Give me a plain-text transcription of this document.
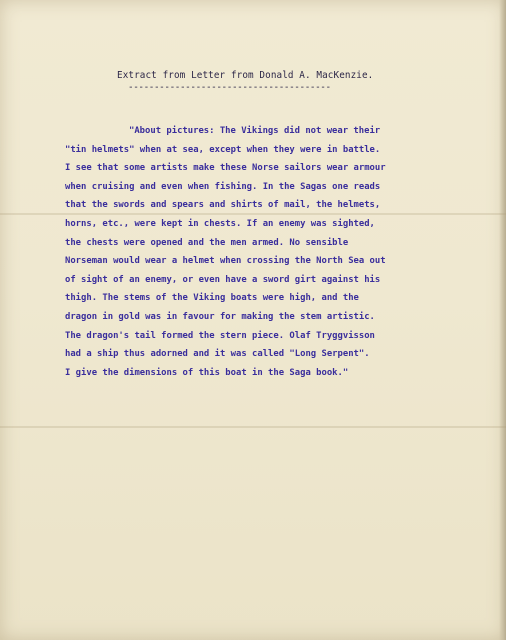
Extract from Letter from Donald A. MacKenzie.
---------------------------------------
"About pictures: The Vikings did not wear their
"tin helmets" when at sea, except when they were in battle.
I see that some artists make these Norse sailors wear armour
when cruising and even when fishing. In the Sagas one reads
that the swords and spears and shirts of mail, the helmets,
horns, etc., were kept in chests. If an enemy was sighted,
the chests were opened and the men armed. No sensible
Norseman would wear a helmet when crossing the North Sea out
of sight of an enemy, or even have a sword girt against his
thigh. The stems of the Viking boats were high, and the
dragon in gold was in favour for making the stem artistic.
The dragon's tail formed the stern piece. Olaf Tryggvisson
had a ship thus adorned and it was called "Long Serpent".
I give the dimensions of this boat in the Saga book."
